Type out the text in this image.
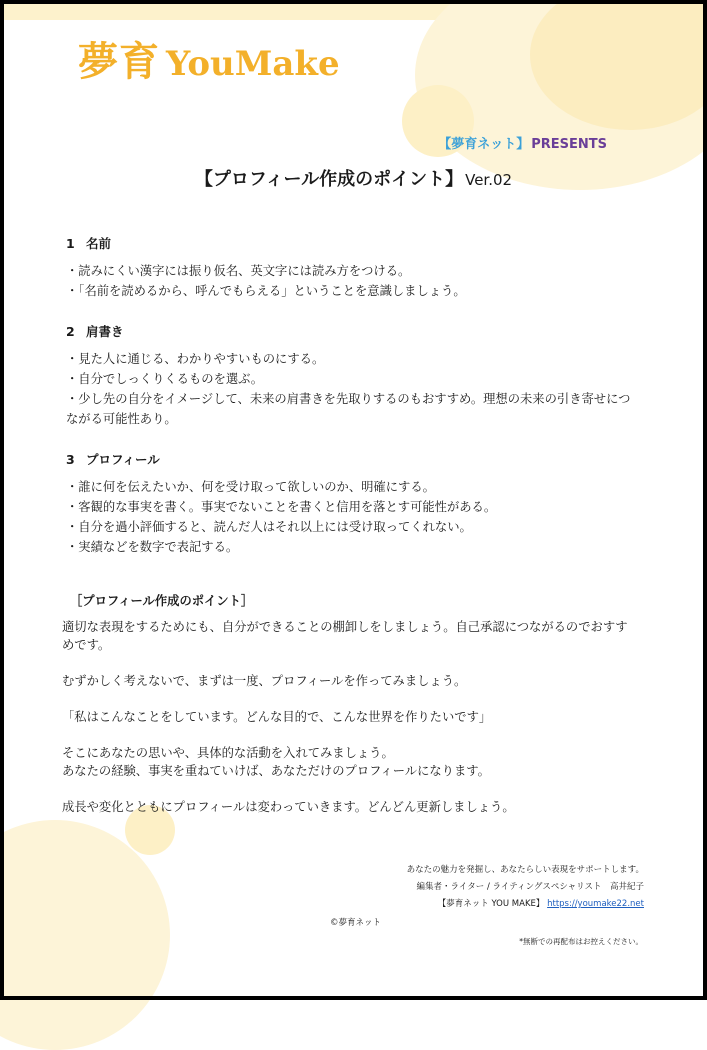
夢育 YouMake
【夢育ネット】 PRESENTS
【プロフィール作成のポイント】 Ver.02

1 名前

・読みにくい漢字には振り仮名、英文字には読み方をつける。

・「名前を読めるから、呼んでもらえる」ということを意識しましょう。

2 肩書き

・見た人に通じる、わかりやすいものにする。

・自分でしっくりくるものを選ぶ。

・少し先の自分をイメージして、未来の肩書きを先取りするのもおすすめ。理想の未来の引き寄せにつ

ながる可能性あり。

3 プロフィール

・誰に何を伝えたいか、何を受け取って欲しいのか、明確にする。

・客観的な事実を書く。事実でないことを書くと信用を落とす可能性がある。

・自分を過小評価すると、読んだ人はそれ以上には受け取ってくれない。

・実績などを数字で表記する。

［プロフィール作成のポイント］

適切な表現をするためにも、自分ができることの棚卸しをしましょう。自己承認につながるのでおすす

めです。

むずかしく考えないで、まずは一度、プロフィールを作ってみましょう。

「私はこんなことをしています。どんな目的で、こんな世界を作りたいです」

そこにあなたの思いや、具体的な活動を入れてみましょう。

あなたの経験、事実を重ねていけば、あなただけのプロフィールになります。

成長や変化とともにプロフィールは変わっていきます。どんどん更新しましょう。

あなたの魅力を発掘し、あなたらしい表現をサポートします。
編集者・ライター / ライティングスペシャリスト　高井紀子
【夢育ネット YOU MAKE】 https://youmake22.net
©夢育ネット
*無断での再配布はお控えください。
